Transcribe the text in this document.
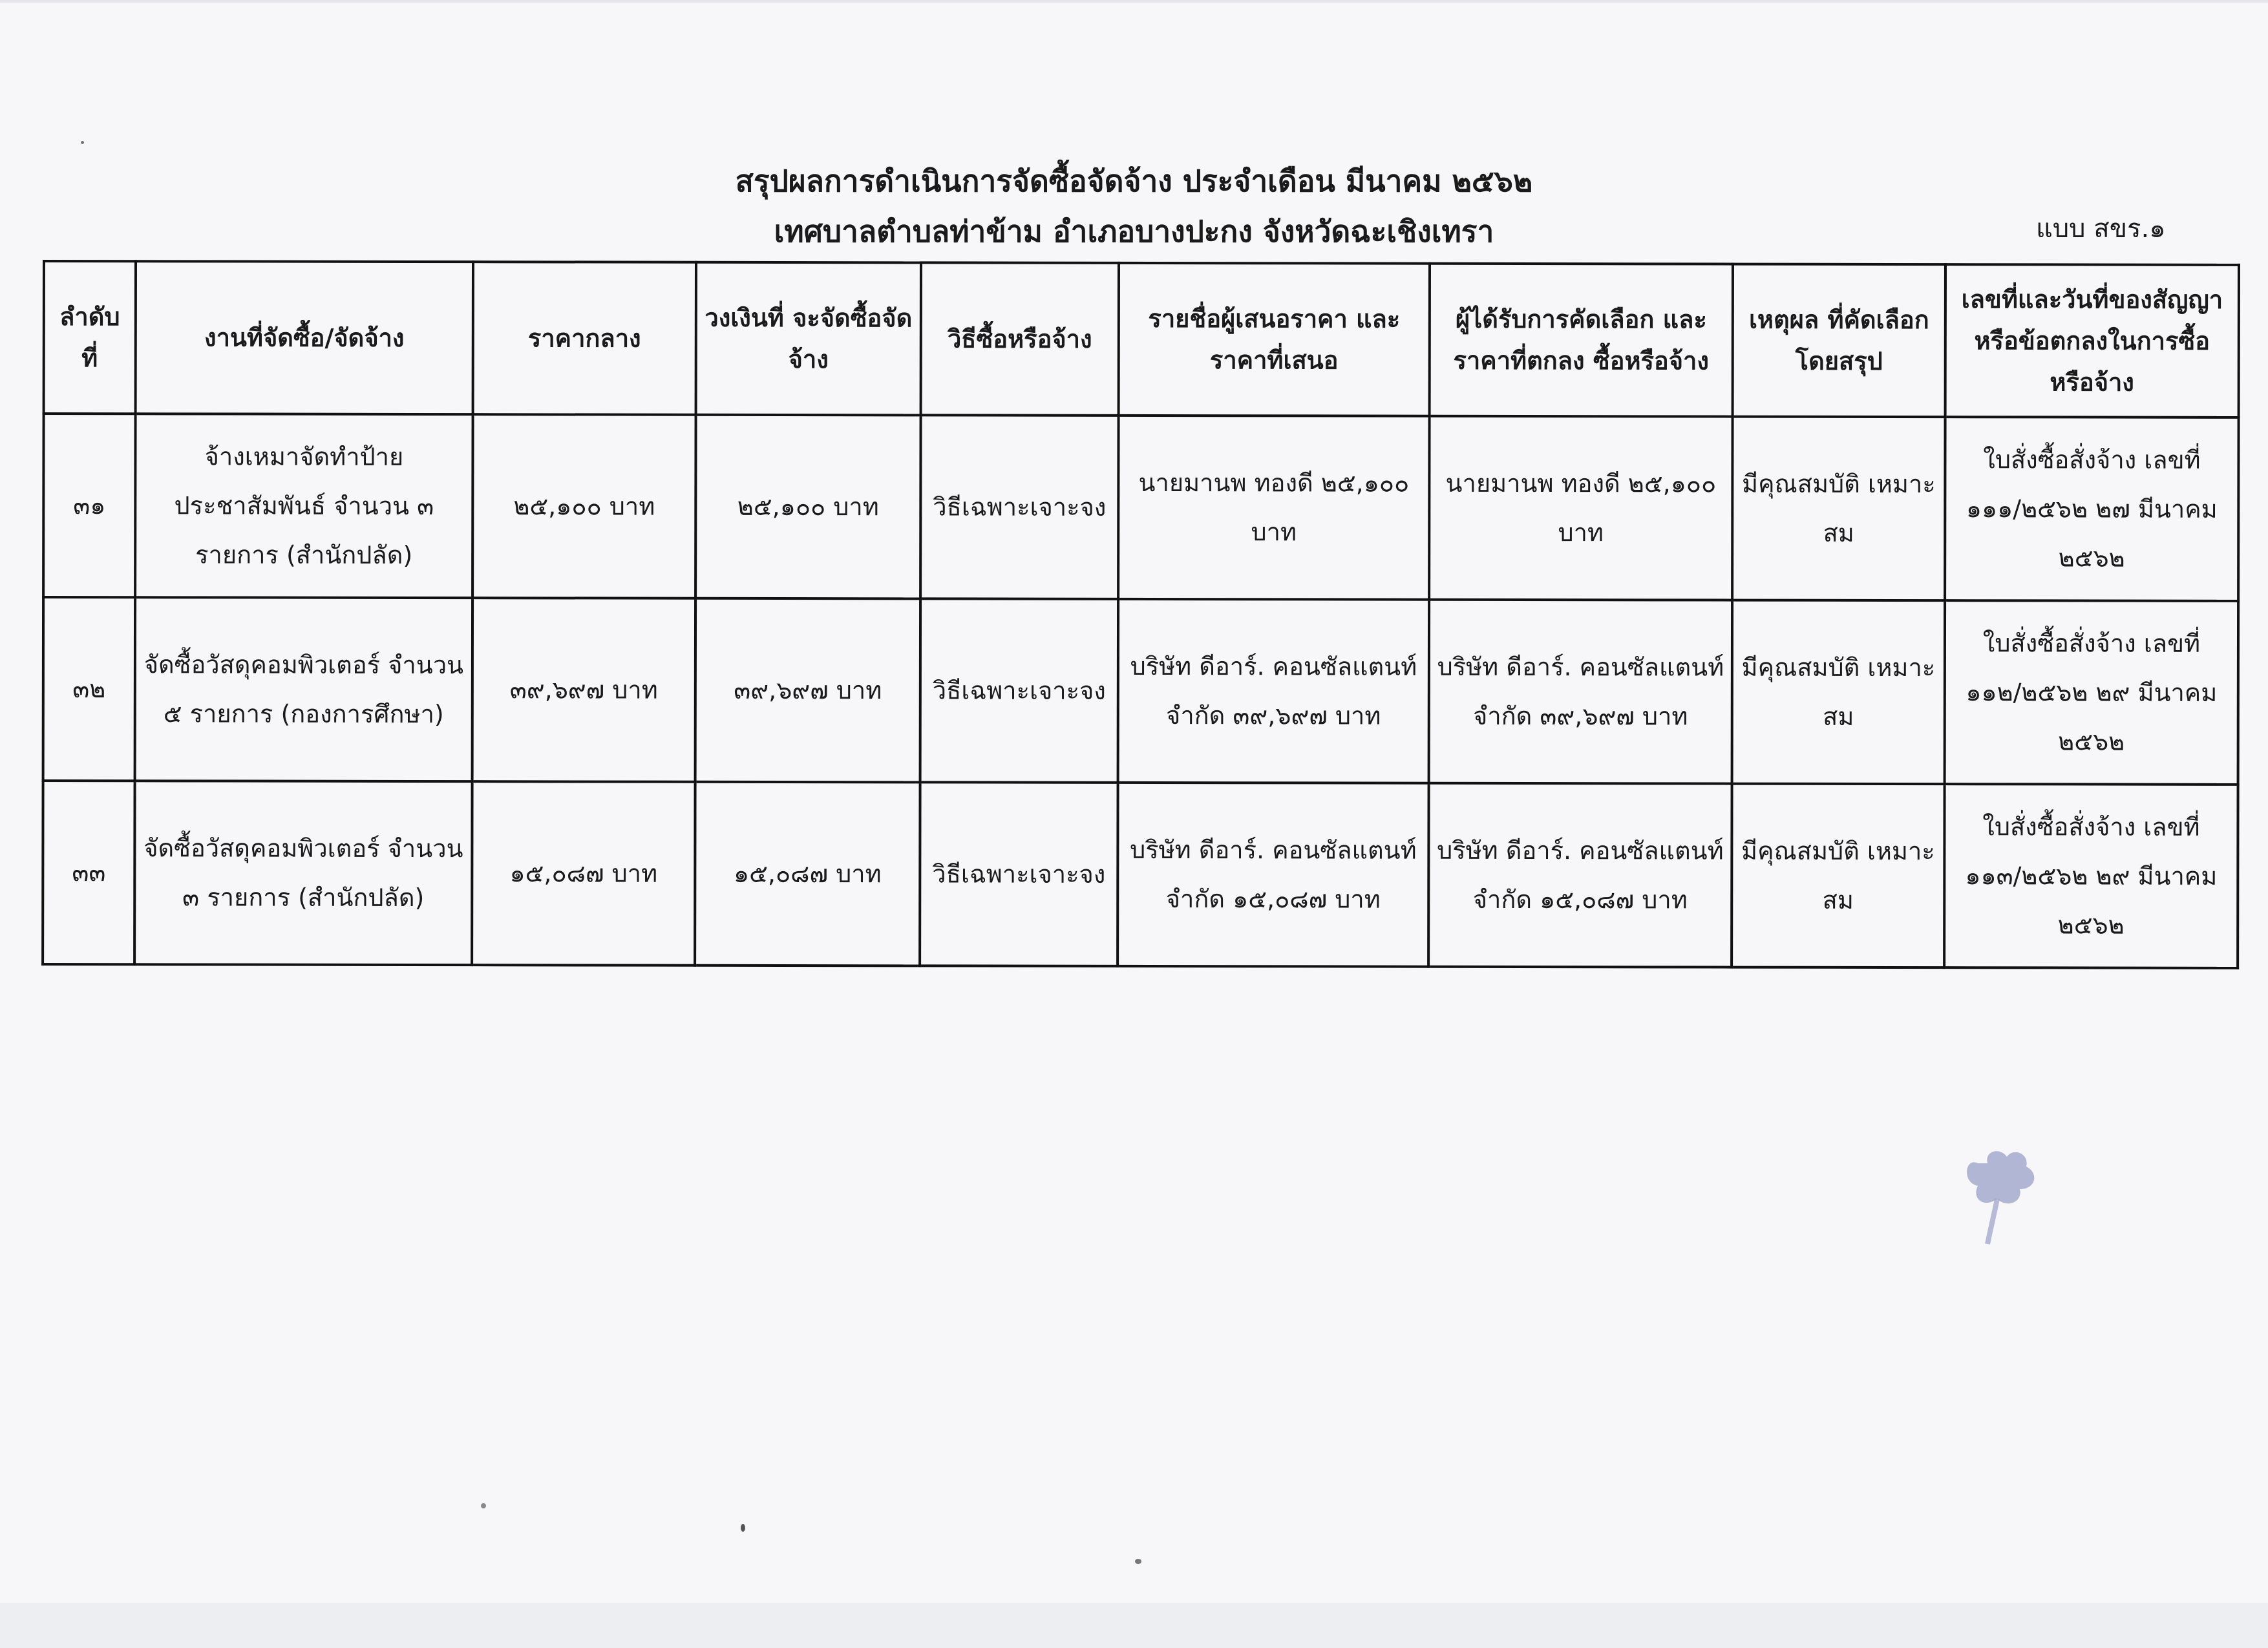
สรุปผลการดำเนินการจัดซื้อจัดจ้าง ประจำเดือน มีนาคม ๒๕๖๒
เทศบาลตำบลท่าข้าม อำเภอบางปะกง จังหวัดฉะเชิงเทรา	แบบ สขร.๑
ลำดับที่	งานที่จัดซื้อ/จัดจ้าง	ราคากลาง	วงเงินที่ จะจัดซื้อจัดจ้าง	วิธีซื้อหรือจ้าง	รายชื่อผู้เสนอราคา และราคาที่เสนอ	ผู้ได้รับการคัดเลือก และราคาที่ตกลง ซื้อหรือจ้าง	เหตุผล ที่คัดเลือกโดยสรุป	เลขที่และวันที่ของสัญญา หรือข้อตกลงในการซื้อ หรือจ้าง
๓๑	จ้างเหมาจัดทำป้าย ประชาสัมพันธ์ จำนวน ๓ รายการ (สำนักปลัด)	๒๕,๑๐๐ บาท	๒๕,๑๐๐ บาท	วิธีเฉพาะเจาะจง	นายมานพ ทองดี ๒๕,๑๐๐ บาท	นายมานพ ทองดี ๒๕,๑๐๐ บาท	มีคุณสมบัติ เหมาะสม	ใบสั่งซื้อสั่งจ้าง เลขที่ ๑๑๑/๒๕๖๒ ๒๗ มีนาคม ๒๕๖๒
๓๒	จัดซื้อวัสดุคอมพิวเตอร์ จำนวน ๕ รายการ (กองการศึกษา)	๓๙,๖๙๗ บาท	๓๙,๖๙๗ บาท	วิธีเฉพาะเจาะจง	บริษัท ดีอาร์. คอนซัลแตนท์ จำกัด ๓๙,๖๙๗ บาท	บริษัท ดีอาร์. คอนซัลแตนท์ จำกัด ๓๙,๖๙๗ บาท	มีคุณสมบัติ เหมาะสม	ใบสั่งซื้อสั่งจ้าง เลขที่ ๑๑๒/๒๕๖๒ ๒๙ มีนาคม ๒๕๖๒
๓๓	จัดซื้อวัสดุคอมพิวเตอร์ จำนวน ๓ รายการ (สำนักปลัด)	๑๕,๐๘๗ บาท	๑๕,๐๘๗ บาท	วิธีเฉพาะเจาะจง	บริษัท ดีอาร์. คอนซัลแตนท์ จำกัด ๑๕,๐๘๗ บาท	บริษัท ดีอาร์. คอนซัลแตนท์ จำกัด ๑๕,๐๘๗ บาท	มีคุณสมบัติ เหมาะสม	ใบสั่งซื้อสั่งจ้าง เลขที่ ๑๑๓/๒๕๖๒ ๒๙ มีนาคม ๒๕๖๒
